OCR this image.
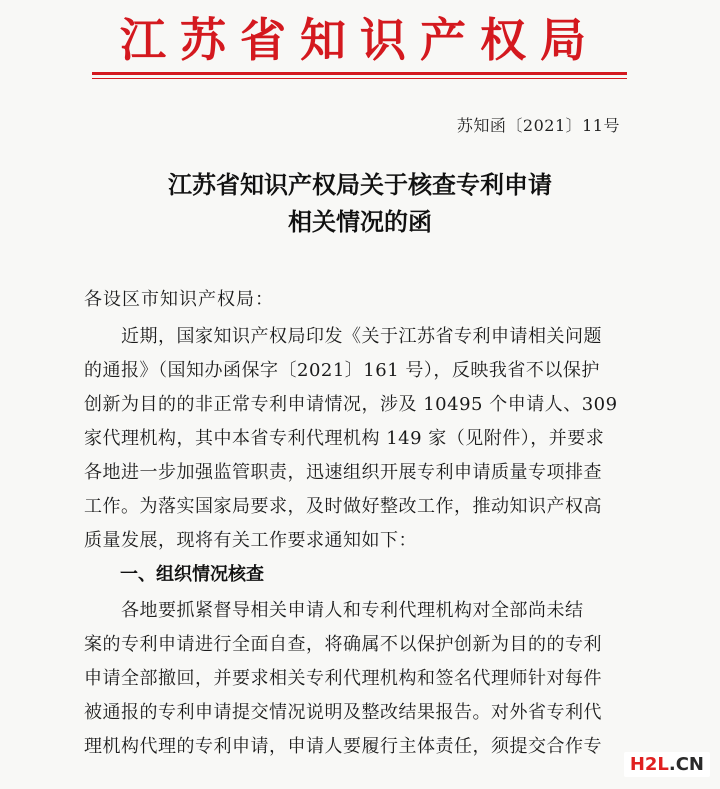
江苏省知识产权局
苏知函〔2021〕11号
江苏省知识产权局关于核查专利申请
相关情况的函
各设区市知识产权局：
　　近期，国家知识产权局印发《关于江苏省专利申请相关问题
的通报》（国知办函保字〔2021〕161 号），反映我省不以保护
创新为目的的非正常专利申请情况，涉及 10495 个申请人、309
家代理机构，其中本省专利代理机构 149 家（见附件），并要求
各地进一步加强监管职责，迅速组织开展专利申请质量专项排查
工作。为落实国家局要求，及时做好整改工作，推动知识产权高
质量发展，现将有关工作要求通知如下：
一、组织情况核查
　　各地要抓紧督导相关申请人和专利代理机构对全部尚未结
案的专利申请进行全面自查，将确属不以保护创新为目的的专利
申请全部撤回，并要求相关专利代理机构和签名代理师针对每件
被通报的专利申请提交情况说明及整改结果报告。对外省专利代
理机构代理的专利申请，申请人要履行主体责任，须提交合作专
H2L.CN
